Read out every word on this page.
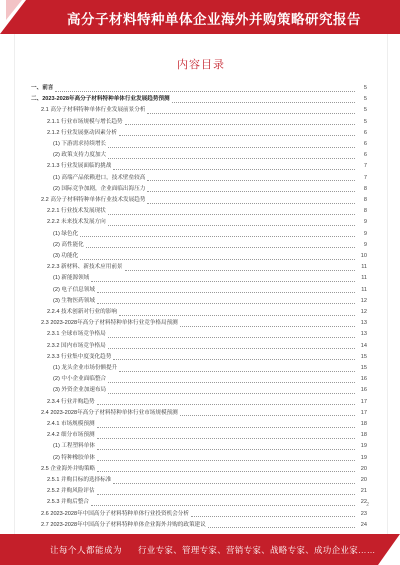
高分子材料特种单体企业海外并购策略研究报告
内容目录
一、前言	5
二、2023-2028年高分子材料特种单体行业发展趋势预测	5
2.1 高分子材料特种单体行业发展前景分析	5
2.1.1 行业市场规模与增长趋势	5
2.1.2 行业发展驱动因素分析	6
(1) 下游需求持续增长	6
(2) 政策支持力度加大	6
2.1.3 行业发展面临的挑战	7
(1) 高端产品依赖进口，技术壁垒较高	7
(2) 国际竞争加剧，企业面临出海压力	8
2.2 高分子材料特种单体行业技术发展趋势	8
2.2.1 行业技术发展现状	8
2.2.2 未来技术发展方向	9
(1) 绿色化	9
(2) 高性能化	9
(3) 功能化	10
2.2.3 新材料、新技术应用前景	11
(1) 新能源领域	11
(2) 电子信息领域	11
(3) 生物医药领域	12
2.2.4 技术创新对行业的影响	12
2.3 2023-2028年高分子材料特种单体行业竞争格局预测	13
2.3.1 全球市场竞争格局	13
2.3.2 国内市场竞争格局	14
2.3.3 行业集中度变化趋势	15
(1) 龙头企业市场份额提升	15
(2) 中小企业面临整合	16
(3) 外资企业加速布局	16
2.3.4 行业并购趋势	17
2.4 2023-2028年高分子材料特种单体行业市场规模预测	17
2.4.1 市场规模预测	18
2.4.2 细分市场预测	18
(1) 工程塑料单体	19
(2) 特种橡胶单体	19
2.5 企业海外并购策略	20
2.5.1 并购目标的选择标准	20
2.5.2 并购风险评估	21
2.5.3 并购后整合	22
2.6 2023-2028年中国高分子材料特种单体行业投资机会分析	23
2.7 2023-2028年中国高分子材料特种单体企业海外并购的政策建议	24
2
让每个人都能成为 行业专家、管理专家、营销专家、战略专家、成功企业家……
